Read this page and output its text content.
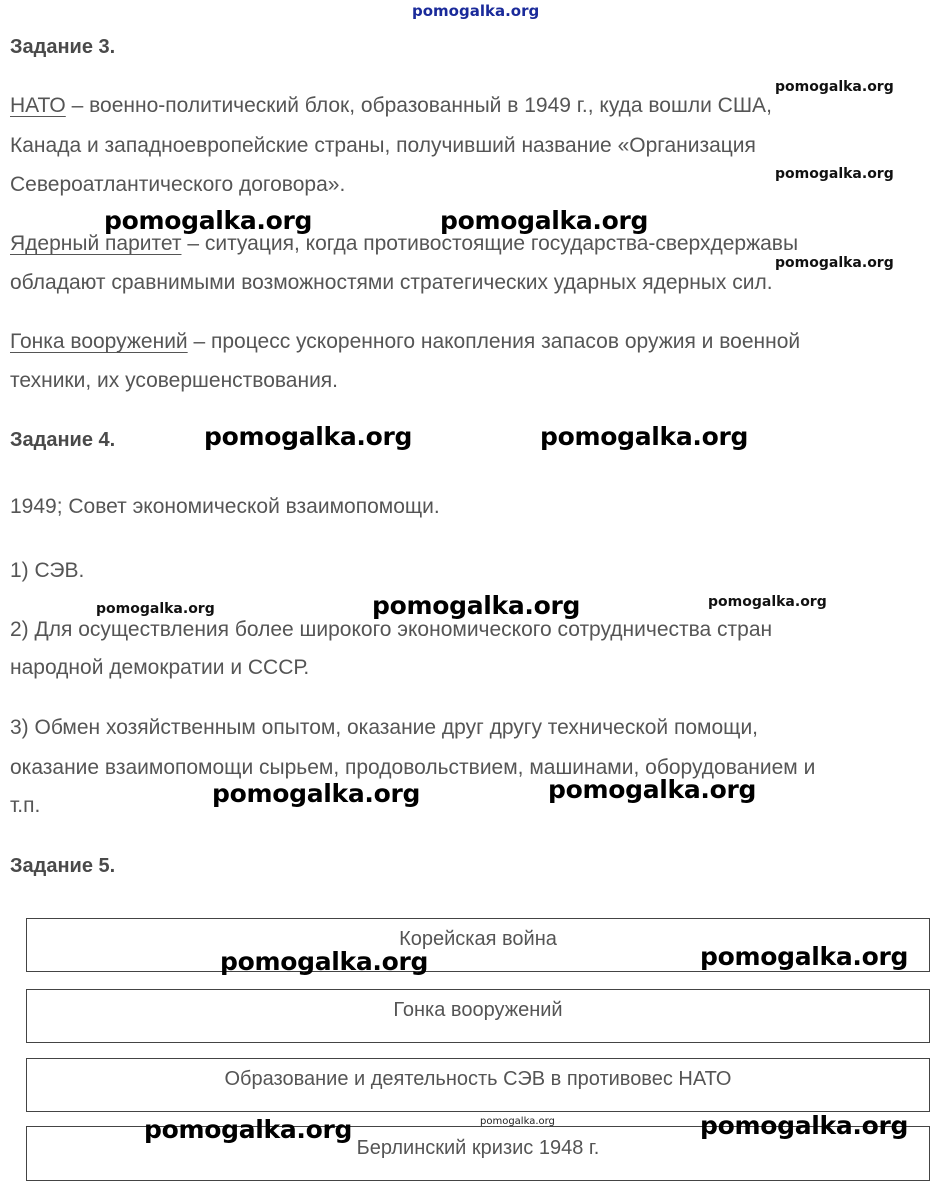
pomogalka.org
Задание 3.
НАТО – военно-политический блок, образованный в 1949 г., куда вошли США,
Канада и западноевропейские страны, получивший название «Организация
Североатлантического договора».
Ядерный паритет – ситуация, когда противостоящие государства-сверхдержавы
обладают сравнимыми возможностями стратегических ударных ядерных сил.
Гонка вооружений – процесс ускоренного накопления запасов оружия и военной
техники, их усовершенствования.
Задание 4.
1949; Совет экономической взаимопомощи.
1) СЭВ.
2) Для осуществления более широкого экономического сотрудничества стран
народной демократии и СССР.
3) Обмен хозяйственным опытом, оказание друг другу технической помощи,
оказание взаимопомощи сырьем, продовольствием, машинами, оборудованием и
т.п.
Задание 5.
Корейская война
Гонка вооружений
Образование и деятельность СЭВ в противовес НАТО
Берлинский кризис 1948 г.
pomogalka.org
pomogalka.org
pomogalka.org	pomogalka.org
pomogalka.org
pomogalka.org	pomogalka.org
pomogalka.org	pomogalka.org	pomogalka.org
pomogalka.org	pomogalka.org
pomogalka.org	pomogalka.org
pomogalka.org
pomogalka.org	pomogalka.org
